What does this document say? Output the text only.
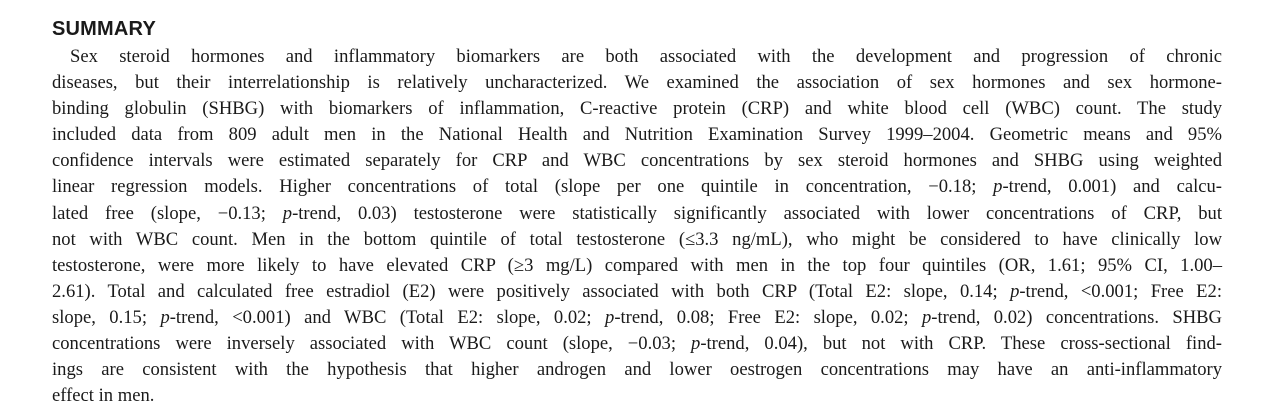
SUMMARY
Sex steroid hormones and inflammatory biomarkers are both associated with the development and progression of chronic
diseases, but their interrelationship is relatively uncharacterized. We examined the association of sex hormones and sex hormone-
binding globulin (SHBG) with biomarkers of inflammation, C-reactive protein (CRP) and white blood cell (WBC) count. The study
included data from 809 adult men in the National Health and Nutrition Examination Survey 1999–2004. Geometric means and 95%
confidence intervals were estimated separately for CRP and WBC concentrations by sex steroid hormones and SHBG using weighted
linear regression models. Higher concentrations of total (slope per one quintile in concentration, −0.18; p-trend, 0.001) and calcu-
lated free (slope, −0.13; p-trend, 0.03) testosterone were statistically significantly associated with lower concentrations of CRP, but
not with WBC count. Men in the bottom quintile of total testosterone (≤3.3 ng/mL), who might be considered to have clinically low
testosterone, were more likely to have elevated CRP (≥3 mg/L) compared with men in the top four quintiles (OR, 1.61; 95% CI, 1.00–
2.61). Total and calculated free estradiol (E2) were positively associated with both CRP (Total E2: slope, 0.14; p-trend, <0.001; Free E2:
slope, 0.15; p-trend, <0.001) and WBC (Total E2: slope, 0.02; p-trend, 0.08; Free E2: slope, 0.02; p-trend, 0.02) concentrations. SHBG
concentrations were inversely associated with WBC count (slope, −0.03; p-trend, 0.04), but not with CRP. These cross-sectional find-
ings are consistent with the hypothesis that higher androgen and lower oestrogen concentrations may have an anti-inflammatory
effect in men.
